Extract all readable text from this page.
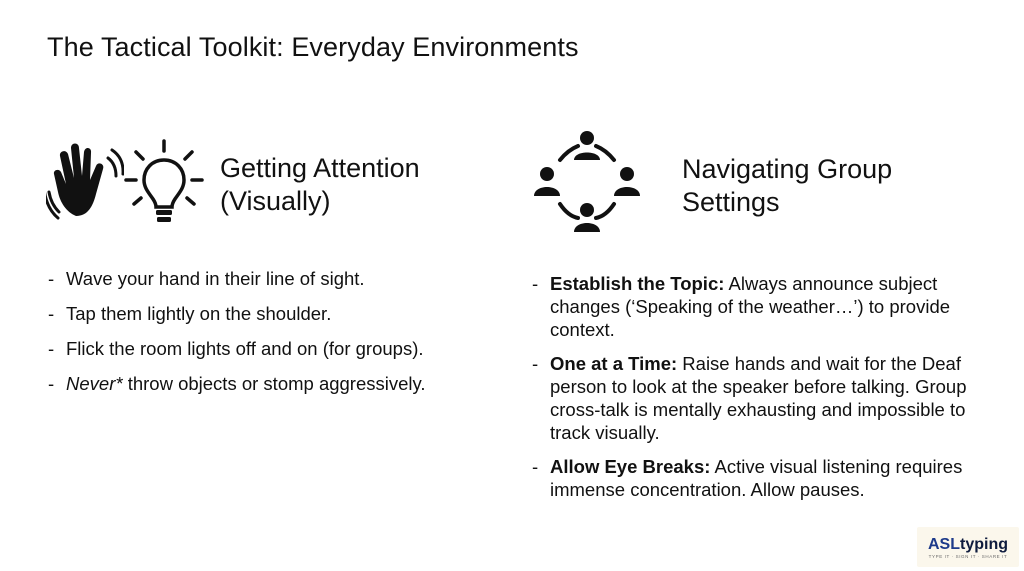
The Tactical Toolkit: Everyday Environments
Getting Attention
(Visually)
- Wave your hand in their line of sight.
- Tap them lightly on the shoulder.
- Flick the room lights off and on (for groups).
- Never* throw objects or stomp aggressively.
Navigating Group
Settings
- Establish the Topic: Always announce subject changes (‘Speaking of the weather…’) to provide context.
- One at a Time: Raise hands and wait for the Deaf person to look at the speaker before talking. Group cross-talk is mentally exhausting and impossible to track visually.
- Allow Eye Breaks: Active visual listening requires immense concentration. Allow pauses.
ASLtyping
TYPE IT · SIGN IT · SHARE IT
